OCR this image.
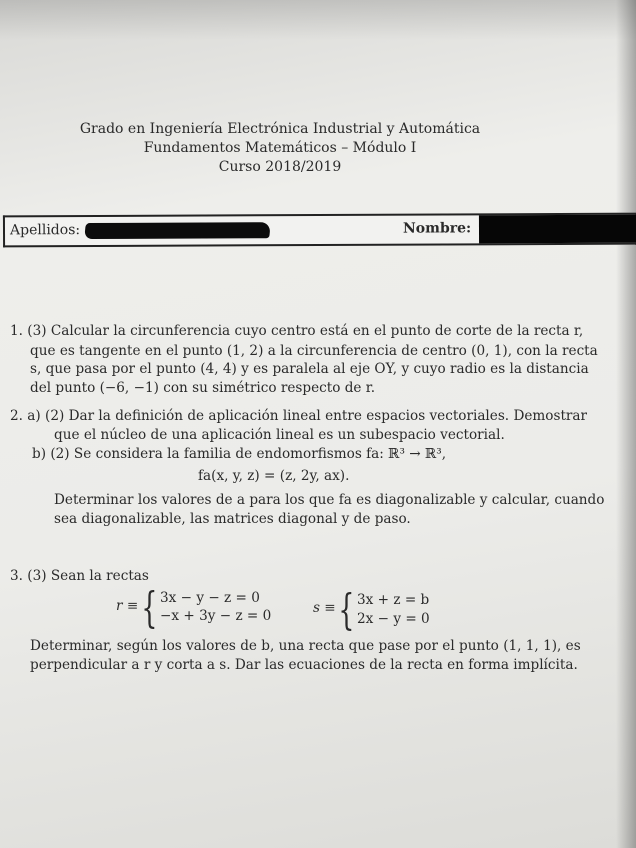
Grado en Ingeniería Electrónica Industrial y Automática
Fundamentos Matemáticos – Módulo I
Curso 2018/2019
Apellidos:	Nombre:
1. (3) Calcular la circunferencia cuyo centro está en el punto de corte de la recta r,
que es tangente en el punto (1, 2) a la circunferencia de centro (0, 1), con la recta
s, que pasa por el punto (4, 4) y es paralela al eje OY, y cuyo radio es la distancia
del punto (−6, −1) con su simétrico respecto de r.
2. a) (2) Dar la definición de aplicación lineal entre espacios vectoriales. Demostrar
que el núcleo de una aplicación lineal es un subespacio vectorial.
b) (2) Se considera la familia de endomorfismos fa: ℝ³ → ℝ³,
fa(x, y, z) = (z, 2y, ax).
Determinar los valores de a para los que fa es diagonalizable y calcular, cuando
sea diagonalizable, las matrices diagonal y de paso.
3. (3) Sean la rectas
r ≡ { 3x − y − z = 0
−x + 3y − z = 0	s ≡ { 3x + z = b
2x − y = 0
Determinar, según los valores de b, una recta que pase por el punto (1, 1, 1), es
perpendicular a r y corta a s. Dar las ecuaciones de la recta en forma implícita.
